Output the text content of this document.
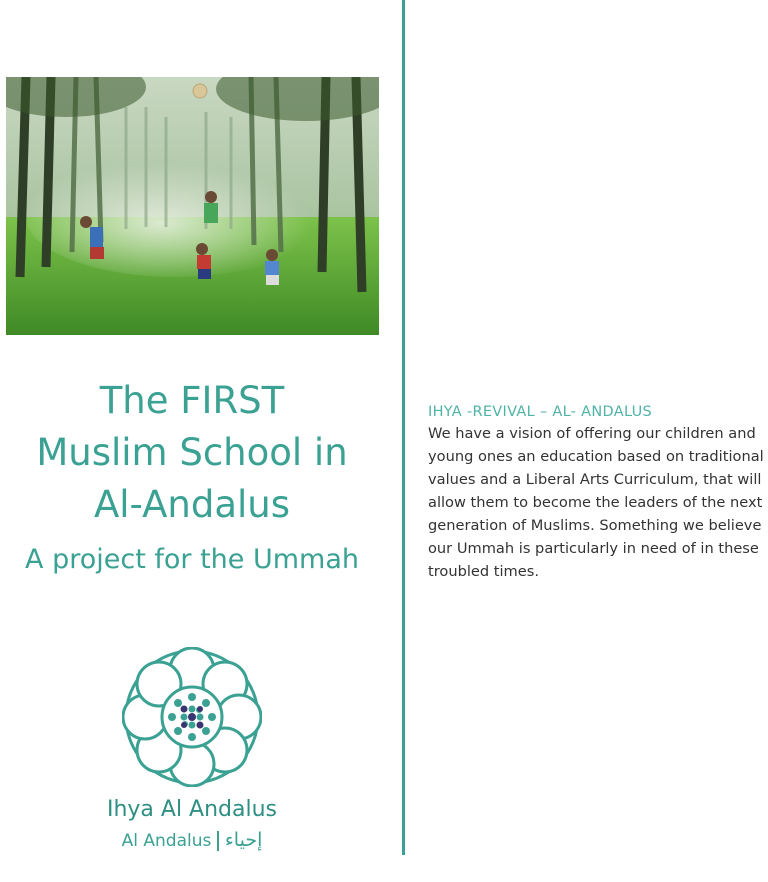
The FIRST
Muslim School in
Al-Andalus
A project for the Ummah
Ihya Al Andalus
Al Andalus إحياء
IHYA -REVIVAL – AL- ANDALUS
We have a vision of offering our children and young ones an education based on traditional values and a Liberal Arts Curriculum, that will allow them to become the leaders of the next generation of Muslims. Something we believe our Ummah is particularly in need of in these troubled times.
